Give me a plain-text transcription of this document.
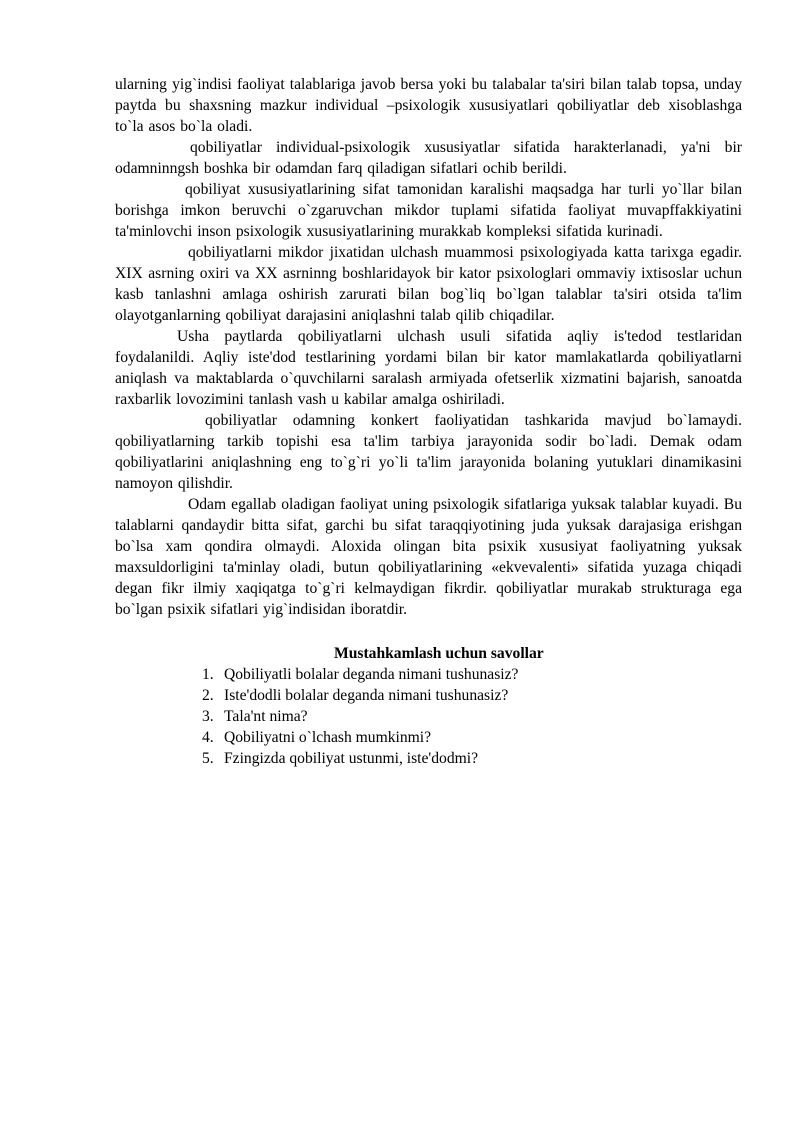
ularning yig`indisi faoliyat talablariga javob bersa yoki bu talabalar ta'siri bilan talab topsa, unday paytda bu shaxsning mazkur individual –psixologik xususiyatlari qobiliyatlar deb xisoblashga to`la asos bo`la oladi.

qobiliyatlar individual-psixologik xususiyatlar sifatida harakterlanadi, ya'ni bir odamninngsh boshka bir odamdan farq qiladigan sifatlari ochib berildi.

qobiliyat xususiyatlarining sifat tamonidan karalishi maqsadga har turli yo`llar bilan borishga imkon beruvchi o`zgaruvchan mikdor tuplami sifatida faoliyat muvapffakkiyatini ta'minlovchi inson psixologik xususiyatlarining murakkab kompleksi sifatida kurinadi.

qobiliyatlarni mikdor jixatidan ulchash muammosi psixologiyada katta tarixga egadir. XIX asrning oxiri va XX asrninng boshlaridayok bir kator psixologlari ommaviy ixtisoslar uchun kasb tanlashni amlaga oshirish zarurati bilan bog`liq bo`lgan talablar ta'siri otsida ta'lim olayotganlarning qobiliyat darajasini aniqlashni talab qilib chiqadilar.

Usha paytlarda qobiliyatlarni ulchash usuli sifatida aqliy is'tedod testlaridan foydalanildi. Aqliy iste'dod testlarining yordami bilan bir kator mamlakatlarda qobiliyatlarni aniqlash va maktablarda o`quvchilarni saralash armiyada ofetserlik xizmatini bajarish, sanoatda raxbarlik lovozimini tanlash vash u kabilar amalga oshiriladi.

qobiliyatlar odamning konkert faoliyatidan tashkarida mavjud bo`lamaydi. qobiliyatlarning tarkib topishi esa ta'lim tarbiya jarayonida sodir bo`ladi. Demak odam qobiliyatlarini aniqlashning eng to`g`ri yo`li ta'lim jarayonida bolaning yutuklari dinamikasini namoyon qilishdir.

Odam egallab oladigan faoliyat uning psixologik sifatlariga yuksak talablar kuyadi. Bu talablarni qandaydir bitta sifat, garchi bu sifat taraqqiyotining juda yuksak darajasiga erishgan bo`lsa xam qondira olmaydi. Aloxida olingan bita psixik xususiyat faoliyatning yuksak maxsuldorligini ta'minlay oladi, butun qobiliyatlarining «ekvevalenti» sifatida yuzaga chiqadi degan fikr ilmiy xaqiqatga to`g`ri kelmaydigan fikrdir. qobiliyatlar murakab strukturaga ega bo`lgan psixik sifatlari yig`indisidan iboratdir.

Mustahkamlash uchun savollar
1. Qobiliyatli bolalar deganda nimani tushunasiz?
2. Iste'dodli bolalar deganda nimani tushunasiz?
3. Tala'nt nima?
4. Qobiliyatni o`lchash mumkinmi?
5. Fzingizda qobiliyat ustunmi, iste'dodmi?
